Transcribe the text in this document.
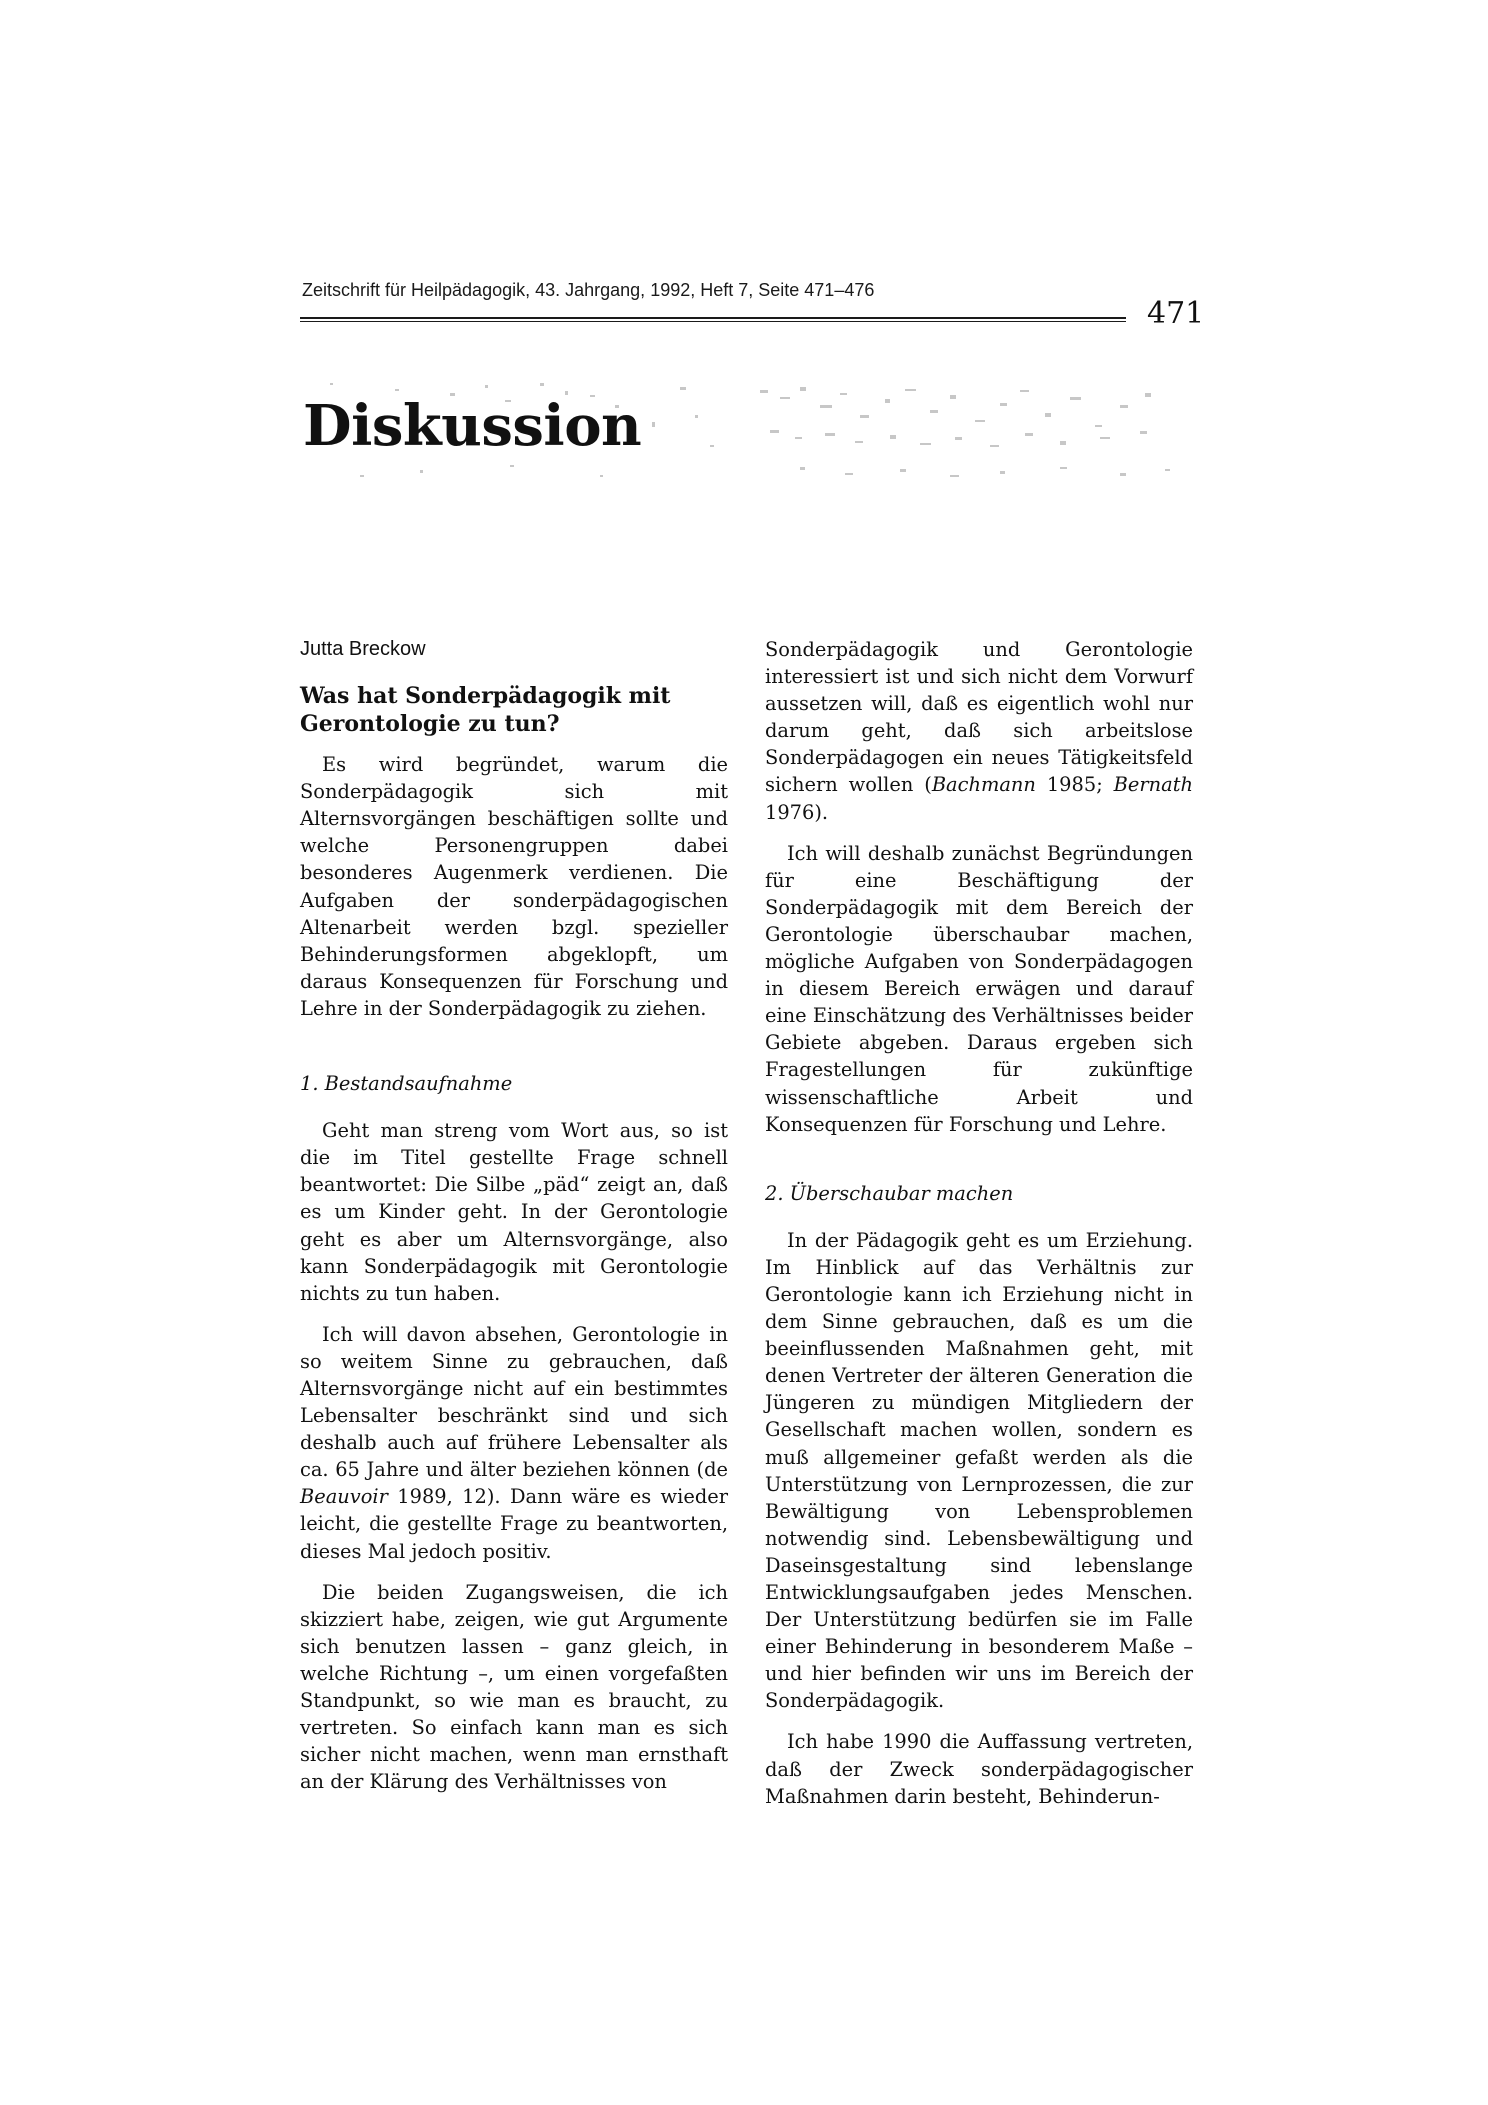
Zeitschrift für Heilpädagogik, 43. Jahrgang, 1992, Heft 7, Seite 471–476
471
Diskussion
Jutta Breckow
Was hat Sonderpädagogik mit Gerontologie zu tun?

Es wird begründet, warum die Sonderpädagogik sich mit Alternsvorgängen beschäftigen sollte und welche Personengruppen dabei besonderes Augenmerk verdienen. Die Aufgaben der sonderpädagogischen Altenarbeit werden bzgl. spezieller Behinderungsformen abgeklopft, um daraus Konsequenzen für Forschung und Lehre in der Sonderpädagogik zu ziehen.

1. Bestandsaufnahme

Geht man streng vom Wort aus, so ist die im Titel gestellte Frage schnell beantwortet: Die Silbe „päd“ zeigt an, daß es um Kinder geht. In der Gerontologie geht es aber um Alternsvorgänge, also kann Sonderpädagogik mit Gerontologie nichts zu tun haben.

Ich will davon absehen, Gerontologie in so weitem Sinne zu gebrauchen, daß Alternsvorgänge nicht auf ein bestimmtes Lebensalter beschränkt sind und sich deshalb auch auf frühere Lebensalter als ca. 65 Jahre und älter beziehen können (de Beauvoir 1989, 12). Dann wäre es wieder leicht, die gestellte Frage zu beantworten, dieses Mal jedoch positiv.

Die beiden Zugangsweisen, die ich skizziert habe, zeigen, wie gut Argumente sich benutzen lassen – ganz gleich, in welche Richtung –, um einen vorgefaßten Standpunkt, so wie man es braucht, zu vertreten. So einfach kann man es sich sicher nicht machen, wenn man ernsthaft an der Klärung des Verhältnisses von

Sonderpädagogik und Gerontologie interessiert ist und sich nicht dem Vorwurf aussetzen will, daß es eigentlich wohl nur darum geht, daß sich arbeitslose Sonderpädagogen ein neues Tätigkeitsfeld sichern wollen (Bachmann 1985; Bernath 1976).

Ich will deshalb zunächst Begründungen für eine Beschäftigung der Sonderpädagogik mit dem Bereich der Gerontologie überschaubar machen, mögliche Aufgaben von Sonderpädagogen in diesem Bereich erwägen und darauf eine Einschätzung des Verhältnisses beider Gebiete abgeben. Daraus ergeben sich Fragestellungen für zukünftige wissenschaftliche Arbeit und Konsequenzen für Forschung und Lehre.

2. Überschaubar machen

In der Pädagogik geht es um Erziehung. Im Hinblick auf das Verhältnis zur Gerontologie kann ich Erziehung nicht in dem Sinne gebrauchen, daß es um die beeinflussenden Maßnahmen geht, mit denen Vertreter der älteren Generation die Jüngeren zu mündigen Mitgliedern der Gesellschaft machen wollen, sondern es muß allgemeiner gefaßt werden als die Unterstützung von Lernprozessen, die zur Bewältigung von Lebensproblemen notwendig sind. Lebensbewältigung und Daseinsgestaltung sind lebenslange Entwicklungsaufgaben jedes Menschen. Der Unterstützung bedürfen sie im Falle einer Behinderung in besonderem Maße – und hier befinden wir uns im Bereich der Sonderpädagogik.

Ich habe 1990 die Auffassung vertreten, daß der Zweck sonderpädagogischer Maßnahmen darin besteht, Behinderun-
